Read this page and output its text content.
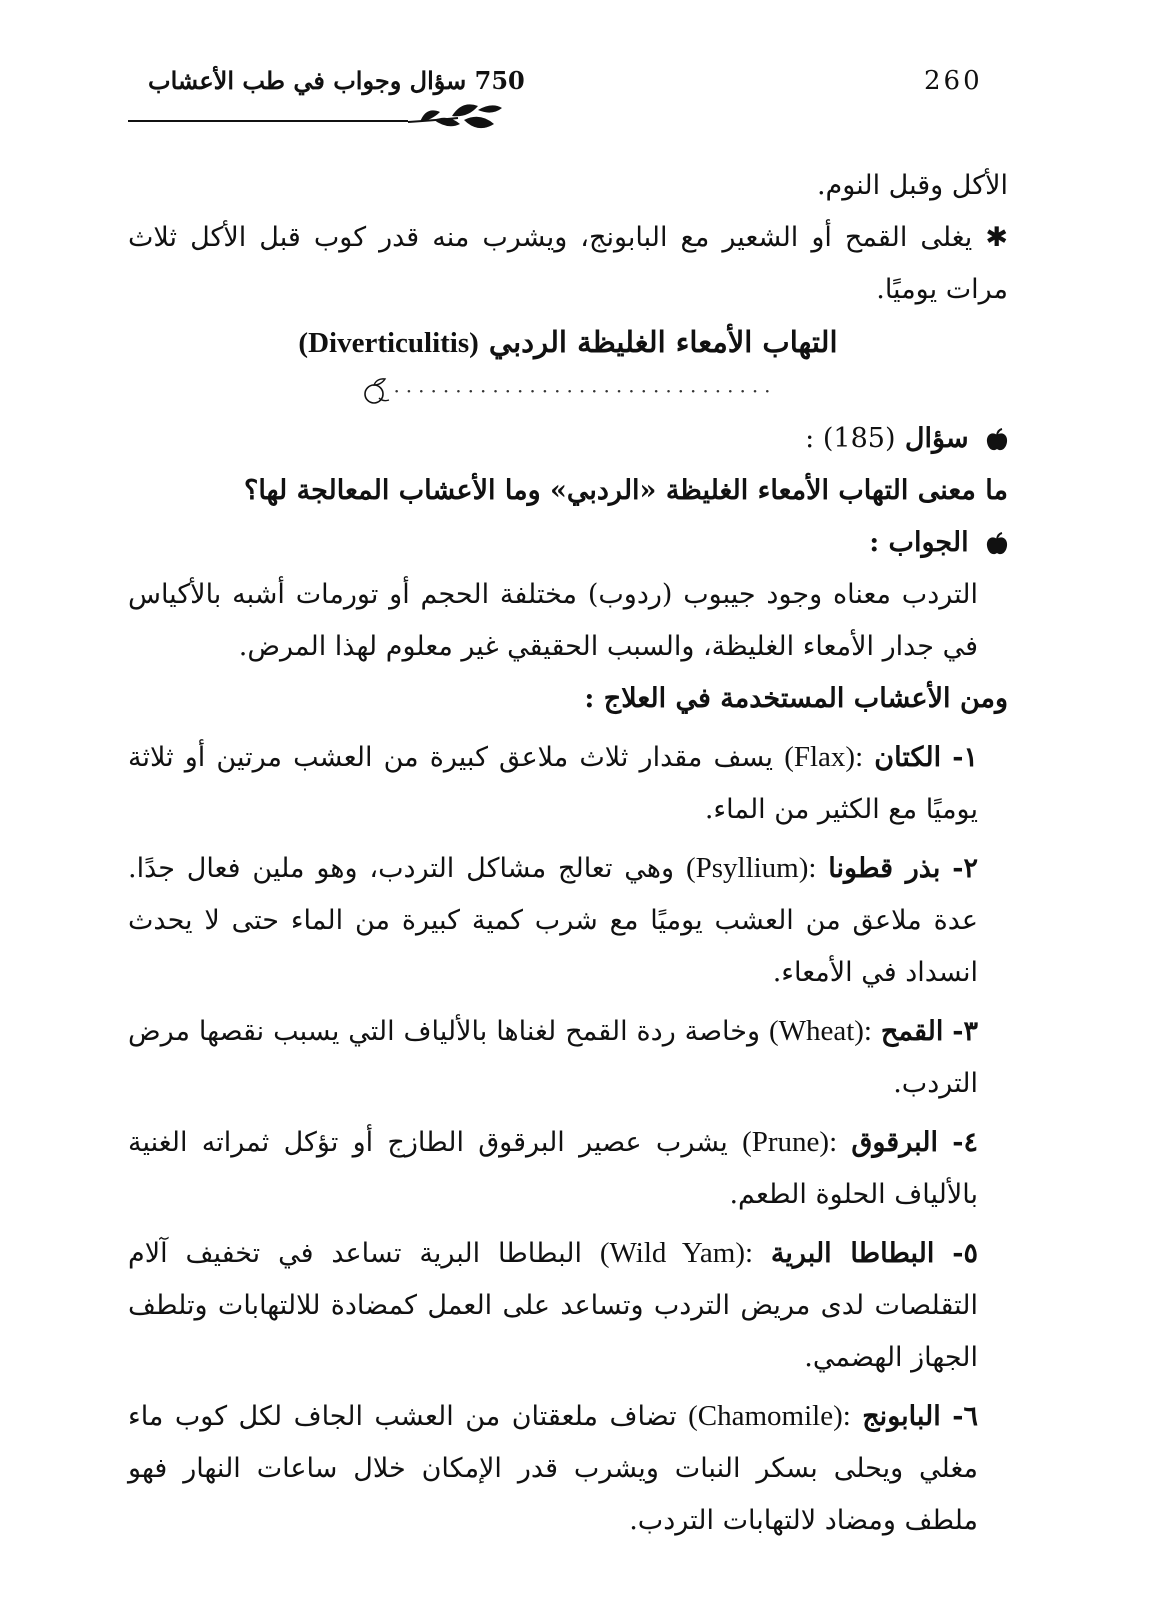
260
750 سؤال وجواب في طب الأعشاب

الأكل وقبل النوم.

✱ يغلى القمح أو الشعير مع البابونج، ويشرب منه قدر كوب قبل الأكل ثلاث مرات يوميًا.

التهاب الأمعاء الغليظة الردبي (Diverticulitis)

·······························

سؤال (185) :

ما معنى التهاب الأمعاء الغليظة «الردبي» وما الأعشاب المعالجة لها؟

الجواب :

التردب معناه وجود جيبوب (ردوب) مختلفة الحجم أو تورمات أشبه بالأكياس في جدار الأمعاء الغليظة، والسبب الحقيقي غير معلوم لهذا المرض.

ومن الأعشاب المستخدمة في العلاج :

١- الكتان (Flax): يسف مقدار ثلاث ملاعق كبيرة من العشب مرتين أو ثلاثة يوميًا مع الكثير من الماء.

٢- بذر قطونا (Psyllium): وهي تعالج مشاكل التردب، وهو ملين فعال جدًا. عدة ملاعق من العشب يوميًا مع شرب كمية كبيرة من الماء حتى لا يحدث انسداد في الأمعاء.

٣- القمح (Wheat): وخاصة ردة القمح لغناها بالألياف التي يسبب نقصها مرض التردب.

٤- البرقوق (Prune): يشرب عصير البرقوق الطازج أو تؤكل ثمراته الغنية بالألياف الحلوة الطعم.

٥- البطاطا البرية (Wild Yam): البطاطا البرية تساعد في تخفيف آلام التقلصات لدى مريض التردب وتساعد على العمل كمضادة للالتهابات وتلطف الجهاز الهضمي.

٦- البابونج (Chamomile): تضاف ملعقتان من العشب الجاف لكل كوب ماء مغلي ويحلى بسكر النبات ويشرب قدر الإمكان خلال ساعات النهار فهو ملطف ومضاد لالتهابات التردب.
